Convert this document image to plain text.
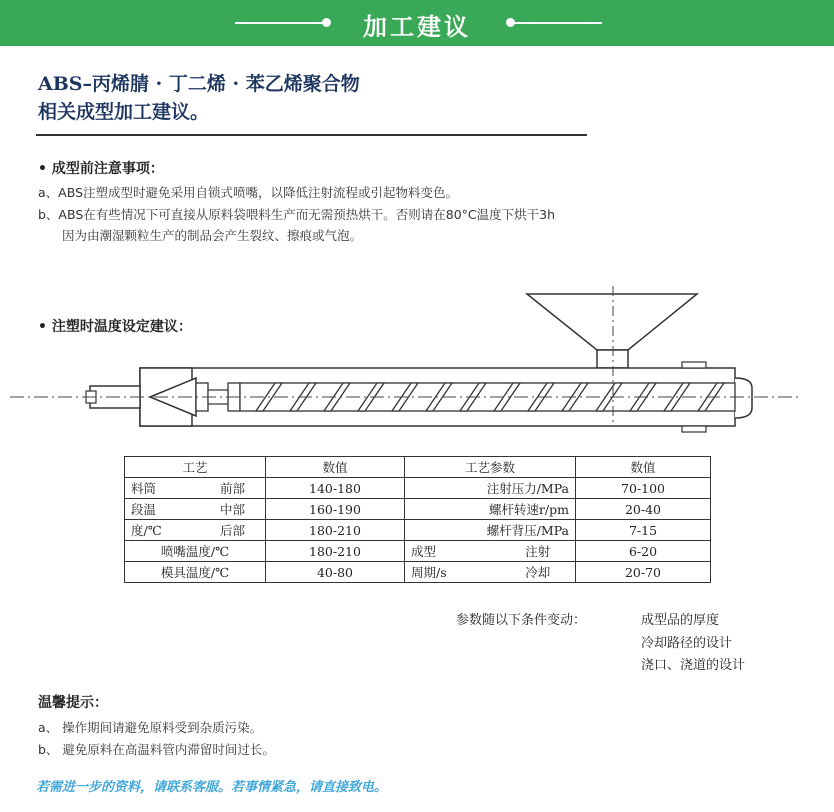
加工建议
ABS–丙烯腈 · 丁二烯 · 苯乙烯聚合物
相关成型加工建议。
• 成型前注意事项：
a、ABS注塑成型时避免采用自锁式喷嘴，以降低注射流程或引起物料变色。
b、ABS在有些情况下可直接从原料袋喂料生产而无需预热烘干。否则请在80°C温度下烘干3h
因为由潮湿颗粒生产的制品会产生裂纹、擦痕或气泡。
• 注塑时温度设定建议：
工艺		数值	工艺参数		数值
料筒	前部	140-180	注射压力/MPa		70-100
段温	中部	160-190	螺杆转速r/pm		20-40
度/℃	后部	180-210	螺杆背压/MPa		7-15
喷嘴温度/℃		180-210	成型	注射	6-20
模具温度/℃		40-80	周期/s	冷却	20-70
参数随以下条件变动：	成型品的厚度
冷却路径的设计
浇口、浇道的设计
温馨提示：
a、 操作期间请避免原料受到杂质污染。
b、 避免原料在高温料管内滞留时间过长。
若需进一步的资料，请联系客服。若事情紧急，请直接致电。
